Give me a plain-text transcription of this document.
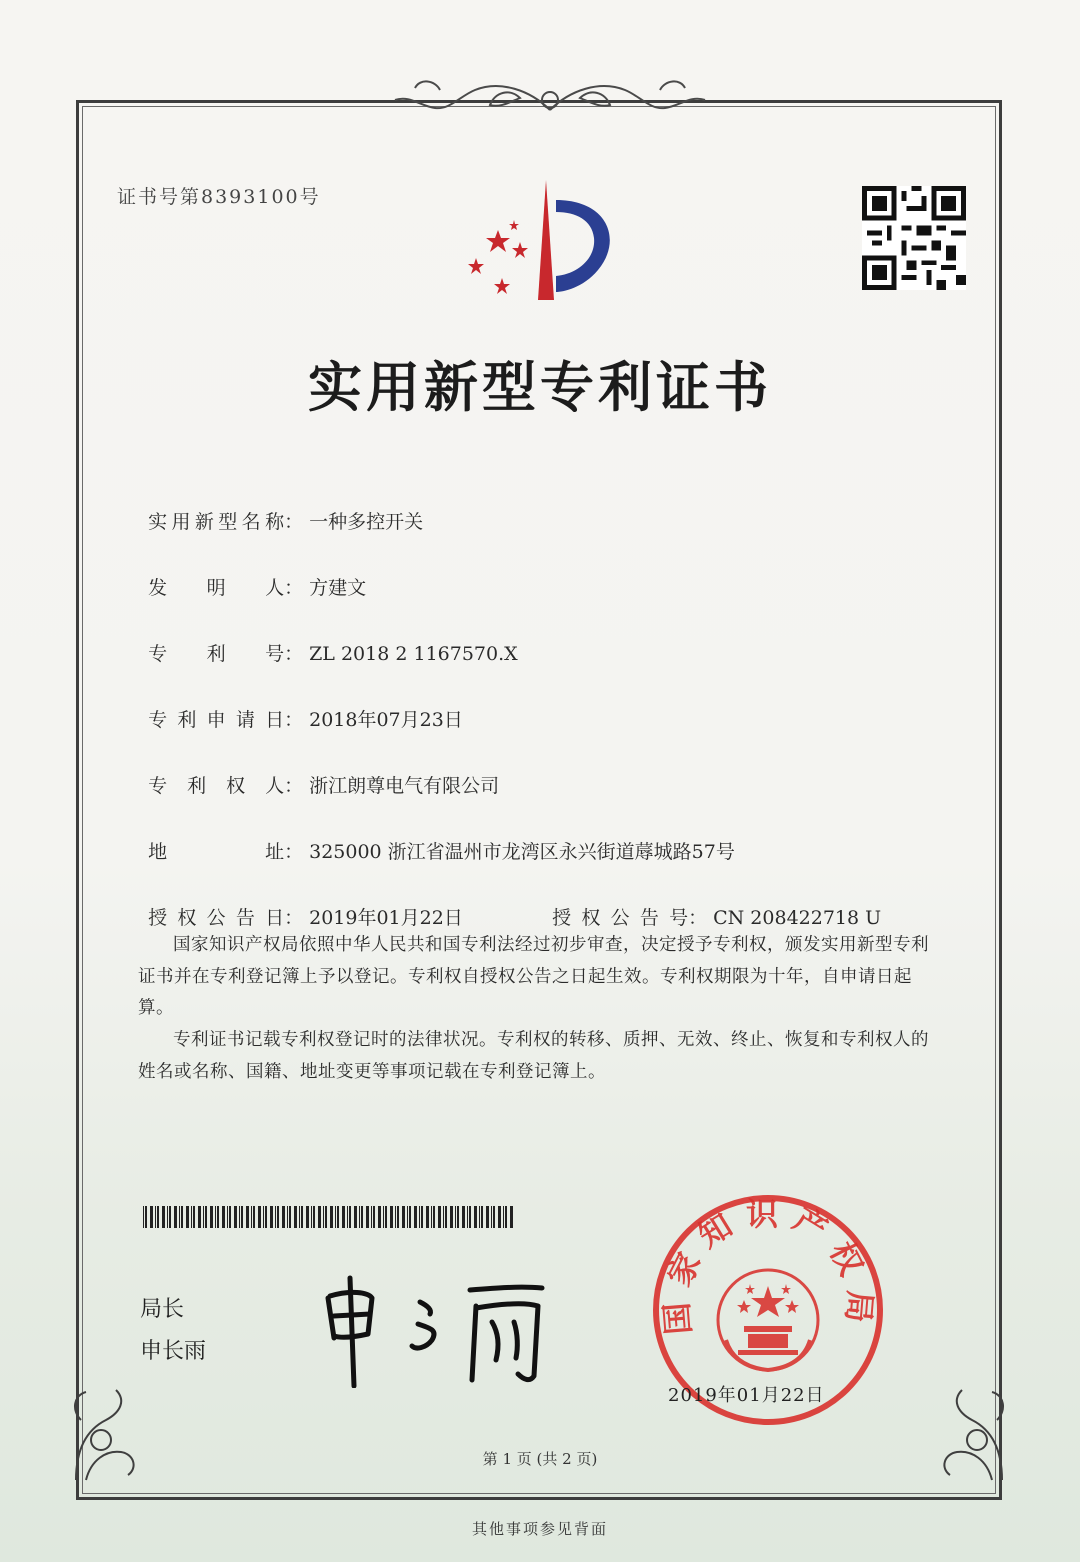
证书号第8393100号
实用新型专利证书

实用新型名称： 一种多控开关

发明人： 方建文

专利号： ZL 2018 2 1167570.X

专利申请日： 2018年07月23日

专利权人： 浙江朗尊电气有限公司

地址： 325000 浙江省温州市龙湾区永兴街道蓐城路57号

授权公告日： 2019年01月22日	授权公告号： CN 208422718 U

国家知识产权局依照中华人民共和国专利法经过初步审查，决定授予专利权，颁发实用新型专利证书并在专利登记簿上予以登记。专利权自授权公告之日起生效。专利权期限为十年，自申请日起算。
专利证书记载专利权登记时的法律状况。专利权的转移、质押、无效、终止、恢复和专利权人的姓名或名称、国籍、地址变更等事项记载在专利登记簿上。
局长
申长雨
国家知识产权局
2019年01月22日
第 1 页 (共 2 页)
其他事项参见背面
